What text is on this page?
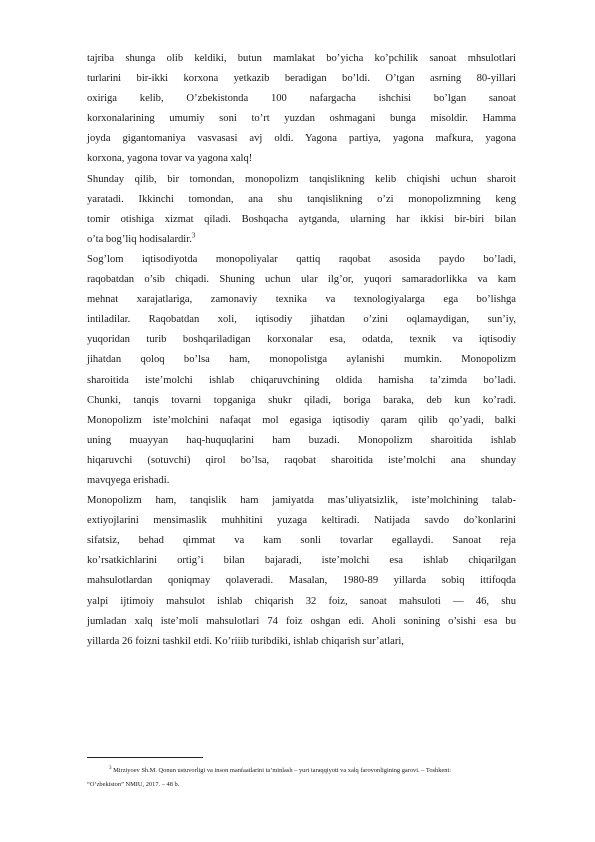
tajriba shunga olib keldiki, butun mamlakat bo’yicha ko’pchilik sanoat mhsulotlari
turlarini bir-ikki korxona yetkazib beradigan bo’ldi. O’tgan asrning 80-yillari
oxiriga kelib, O’zbekistonda 100 nafargacha ishchisi bo’lgan sanoat
korxonalarining umumiy soni to’rt yuzdan oshmagani bunga misoldir. Hamma
joyda gigantomaniya vasvasasi avj oldi. Yagona partiya, yagona mafkura, yagona
korxona, yagona tovar va yagona xalq!

Shunday qilib, bir tomondan, monopolizm tanqislikning kelib chiqishi uchun sharoit
yaratadi. Ikkinchi tomondan, ana shu tanqislikning o’zi monopolizmning keng
tomir otishiga xizmat qiladi. Boshqacha aytganda, ularning har ikkisi bir-biri bilan
o’ta bog’liq hodisalardir.$^3$

Sog’lom iqtisodiyotda monopoliyalar qattiq raqobat asosida paydo bo’ladi,
raqobatdan o’sib chiqadi. Shuning uchun ular ilg’or, yuqori samaradorlikka va kam
mehnat xarajatlariga, zamonaviy texnika va texnologiyalarga ega bo’lishga
intiladilar. Raqobatdan xoli, iqtisodiy jihatdan o’zini oqlamaydigan, sun’iy,
yuqoridan turib boshqariladigan korxonalar esa, odatda, texnik va iqtisodiy
jihatdan qoloq bo’lsa ham, monopolistga aylanishi mumkin. Monopolizm
sharoitida iste’molchi ishlab chiqaruvchining oldida hamisha ta’zimda bo’ladi.
Chunki, tanqis tovarni topganiga shukr qiladi, boriga baraka, deb kun ko’radi.
Monopolizm iste’molchini nafaqat mol egasiga iqtisodiy qaram qilib qo’yadi, balki
uning muayyan haq-huquqlarini ham buzadi. Monopolizm sharoitida ishlab
hiqaruvchi (sotuvchi) qirol bo’lsa, raqobat sharoitida iste’molchi ana shunday
mavqyega erishadi.

Monopolizm ham, tanqislik ham jamiyatda mas’uliyatsizlik, iste’molchining talab-
extiyojlarini mensimaslik muhhitini yuzaga keltiradi. Natijada savdo do’konlarini
sifatsiz, behad qimmat va kam sonli tovarlar egallaydi. Sanoat reja
ko’rsatkichlarini ortig’i bilan bajaradi, iste’molchi esa ishlab chiqarilgan
mahsulotlardan qoniqmay qolaveradi. Masalan, 1980-89 yillarda sobiq ittifoqda
yalpi ijtimoiy mahsulot ishlab chiqarish 32 foiz, sanoat mahsuloti — 46, shu
jumladan xalq iste’moli mahsulotlari 74 foiz oshgan edi. Aholi sonining o’sishi esa bu
yillarda 26 foizni tashkil etdi. Ko’riiib turibdiki, ishlab chiqarish sur’atlari,

$^3$ Mirziyoev Sh.M. Qonun ustuvorligi va inson manfaatlarini ta’minlash – yurt taraqqiyoti va xalq farovonligining garovi. – Toshkent:
“O’zbekiston” NMIU, 2017. – 48 b.
